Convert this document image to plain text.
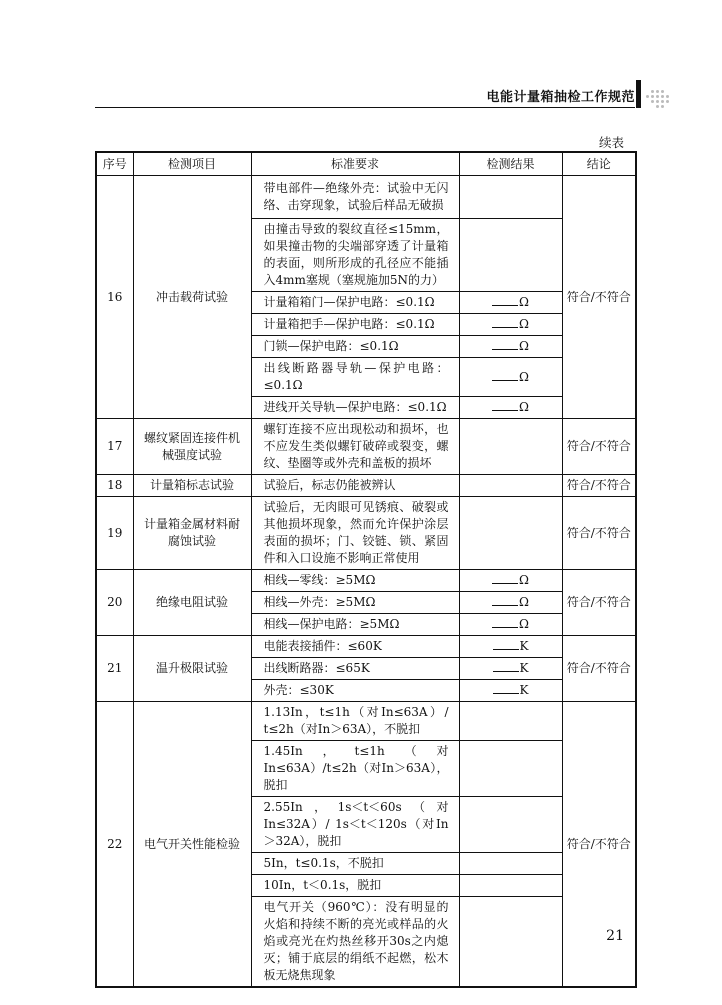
电能计量箱抽检工作规范
续表
序号	检测项目	标准要求	检测结果	结论
16	冲击载荷试验	带电部件—绝缘外壳：试验中无闪络、击穿现象，试验后样品无破损		符合/不符合
		由撞击导致的裂纹直径≤15mm，如果撞击物的尖端部穿透了计量箱的表面，则所形成的孔径应不能插入4mm塞规（塞规施加5N的力）		
		计量箱箱门—保护电路：≤0.1Ω	Ω	
		计量箱把手—保护电路：≤0.1Ω	Ω	
		门锁—保护电路：≤0.1Ω	Ω	
		出线断路器导轨—保护电路：≤0.1Ω	Ω	
		进线开关导轨—保护电路：≤0.1Ω	Ω	
17	螺纹紧固连接件机械强度试验	螺钉连接不应出现松动和损坏，也不应发生类似螺钉破碎或裂变，螺纹、垫圈等或外壳和盖板的损坏		符合/不符合
18	计量箱标志试验	试验后，标志仍能被辨认		符合/不符合
19	计量箱金属材料耐腐蚀试验	试验后，无肉眼可见锈痕、破裂或其他损坏现象，然而允许保护涂层表面的损坏；门、铰链、锁、紧固件和入口设施不影响正常使用		符合/不符合
20	绝缘电阻试验	相线—零线：≥5MΩ	Ω	符合/不符合
		相线—外壳：≥5MΩ	Ω	
		相线—保护电路：≥5MΩ	Ω	
21	温升极限试验	电能表接插件：≤60K	K	符合/不符合
		出线断路器：≤65K	K	
		外壳：≤30K	K	
22	电气开关性能检验	1.13In，t≤1h（对In≤63A）/ t≤2h（对In＞63A），不脱扣		符合/不符合
		1.45In，t≤1h（对In≤63A）/t≤2h（对In＞63A），脱扣		
		2.55In，1s＜t＜60s（对In≤32A）/ 1s＜t＜120s（对In＞32A），脱扣		
		5In，t≤0.1s，不脱扣		
		10In，t＜0.1s，脱扣		
		电气开关（960℃）：没有明显的火焰和持续不断的亮光或样品的火焰或亮光在灼热丝移开30s之内熄灭；铺于底层的绢纸不起燃，松木板无烧焦现象		
21
